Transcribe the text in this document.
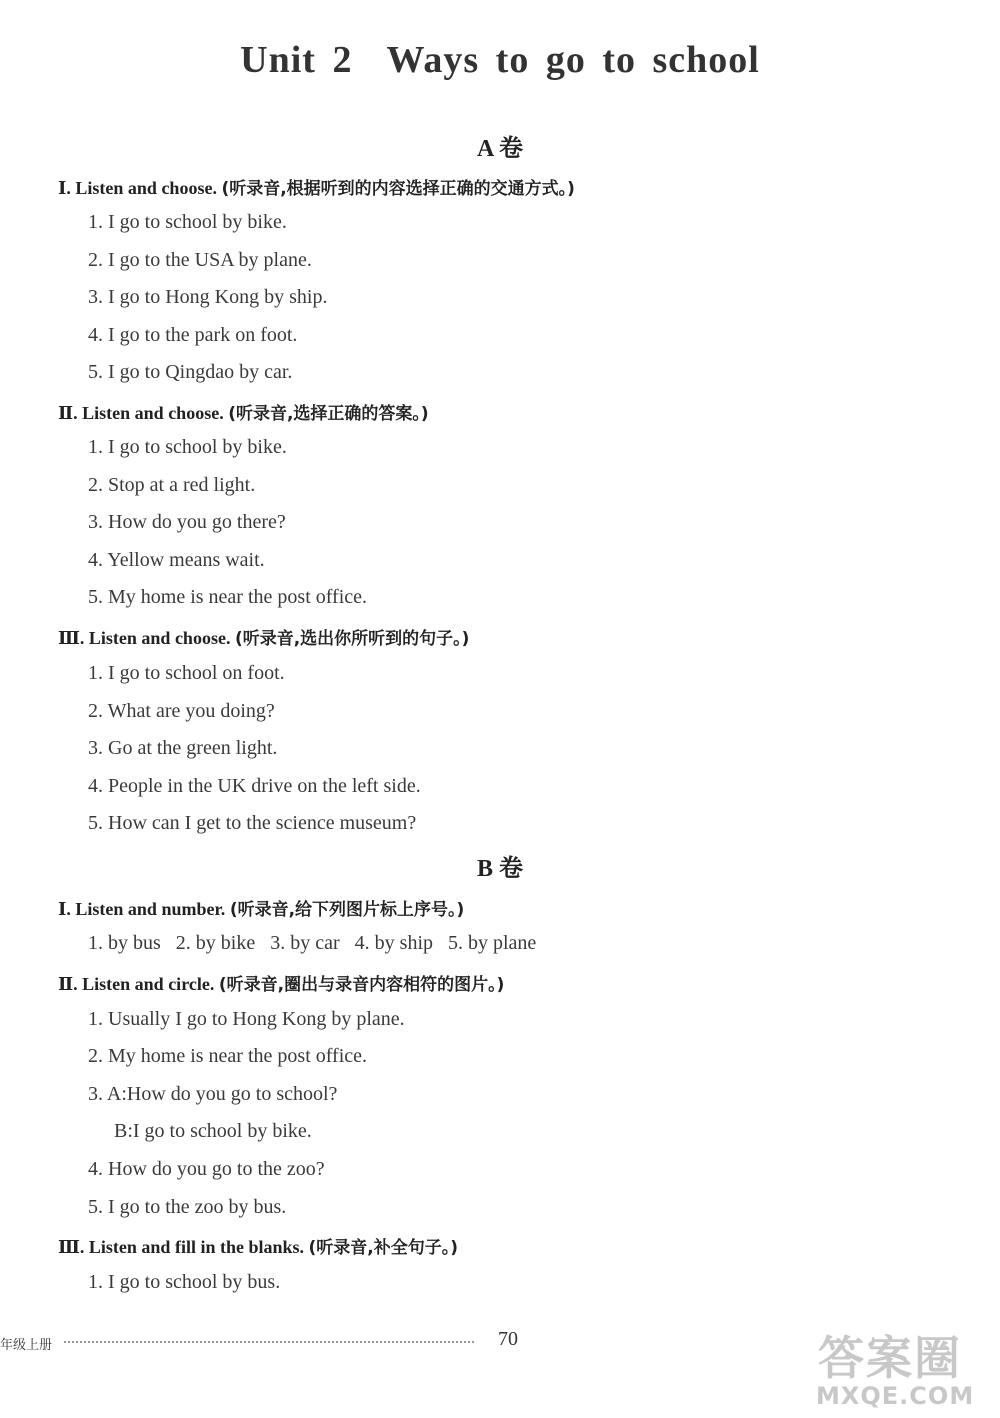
Unit 2 Ways to go to school
A 卷
Ⅰ. Listen and choose. (听录音,根据听到的内容选择正确的交通方式。)
1. I go to school by bike.
2. I go to the USA by plane.
3. I go to Hong Kong by ship.
4. I go to the park on foot.
5. I go to Qingdao by car.
Ⅱ. Listen and choose. (听录音,选择正确的答案。)
1. I go to school by bike.
2. Stop at a red light.
3. How do you go there?
4. Yellow means wait.
5. My home is near the post office.
Ⅲ. Listen and choose. (听录音,选出你所听到的句子。)
1. I go to school on foot.
2. What are you doing?
3. Go at the green light.
4. People in the UK drive on the left side.
5. How can I get to the science museum?
B 卷
Ⅰ. Listen and number. (听录音,给下列图片标上序号。)
1. by bus 2. by bike 3. by car 4. by ship 5. by plane
Ⅱ. Listen and circle. (听录音,圈出与录音内容相符的图片。)
1. Usually I go to Hong Kong by plane.
2. My home is near the post office.
3. A:How do you go to school?
B:I go to school by bike.
4. How do you go to the zoo?
5. I go to the zoo by bus.
Ⅲ. Listen and fill in the blanks. (听录音,补全句子。)
1. I go to school by bus.
年级上册	70	答案圈
MXQE.COM
